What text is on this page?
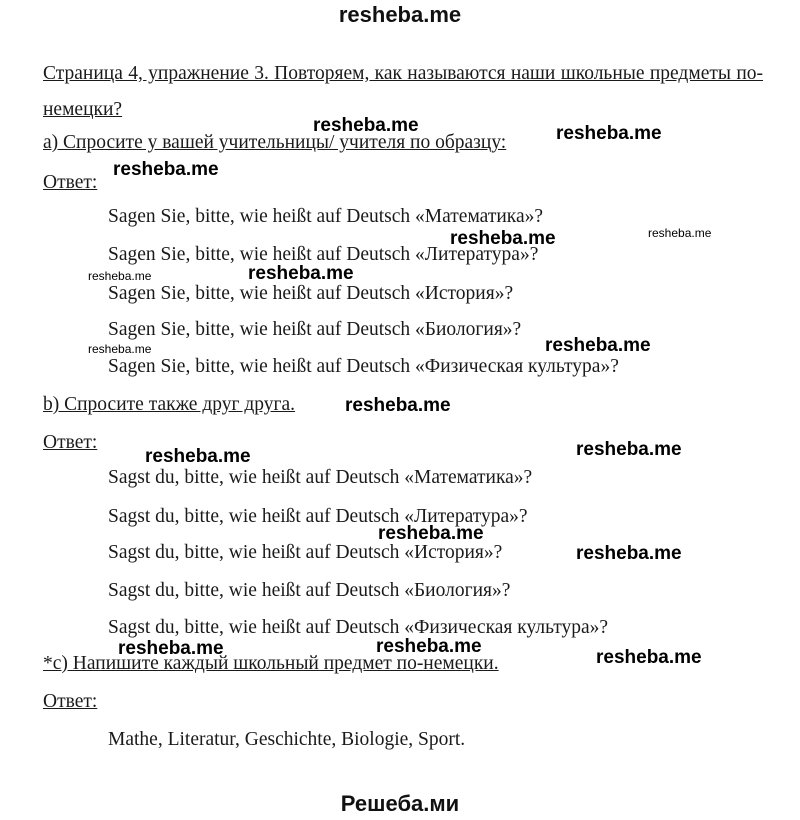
resheba.me
Страница 4, упражнение 3. Повторяем, как называются наши школьные предметы по-немецки?
а) Спросите у вашей учительницы/ учителя по образцу:
Ответ:
Sagen Sie, bitte, wie heißt auf Deutsch «Математика»?
Sagen Sie, bitte, wie heißt auf Deutsch «Литература»?
Sagen Sie, bitte, wie heißt auf Deutsch «История»?
Sagen Sie, bitte, wie heißt auf Deutsch «Биология»?
Sagen Sie, bitte, wie heißt auf Deutsch «Физическая культура»?
b) Спросите также друг друга.
Ответ:
Sagst du, bitte, wie heißt auf Deutsch «Математика»?
Sagst du, bitte, wie heißt auf Deutsch «Литература»?
Sagst du, bitte, wie heißt auf Deutsch «История»?
Sagst du, bitte, wie heißt auf Deutsch «Биология»?
Sagst du, bitte, wie heißt auf Deutsch «Физическая культура»?
*с) Напишите каждый школьный предмет по-немецки.
Ответ:
Mathe, Literatur, Geschichte, Biologie, Sport.
resheba.me	resheba.me
resheba.me
resheba.me	resheba.me
resheba.me	resheba.me
resheba.me	resheba.me
resheba.me
resheba.me	resheba.me
resheba.me
resheba.me
resheba.me	resheba.me
resheba.me
Решеба.ми
